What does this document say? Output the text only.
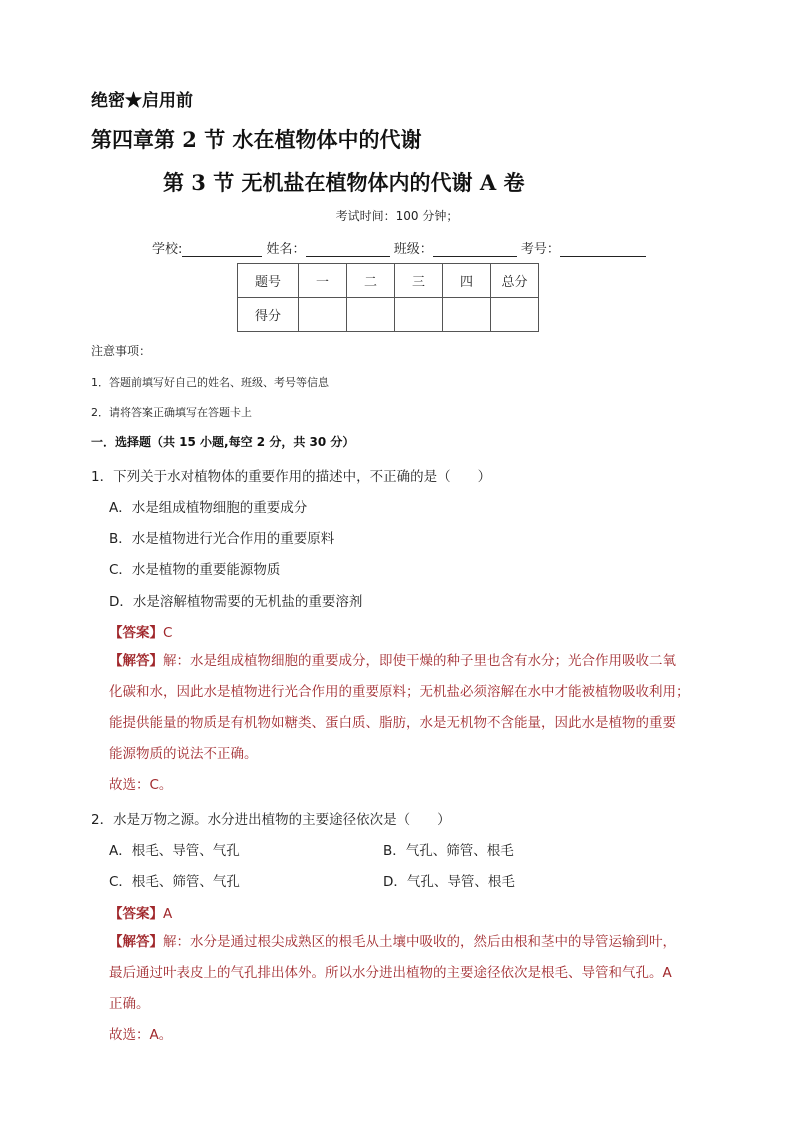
绝密★启用前
第四章第 2 节 水在植物体中的代谢
第 3 节 无机盐在植物体内的代谢 A 卷
考试时间：100 分钟；
学校:	姓名：	班级：	考号：
题号	一	二	三	四	总分
得分					
注意事项：
1．答题前填写好自己的姓名、班级、考号等信息
2．请将答案正确填写在答题卡上
一．选择题（共 15 小题,每空 2 分，共 30 分）
1．下列关于水对植物体的重要作用的描述中，不正确的是（　　）
A．水是组成植物细胞的重要成分
B．水是植物进行光合作用的重要原料
C．水是植物的重要能源物质
D．水是溶解植物需要的无机盐的重要溶剂
【答案】C
【解答】解：水是组成植物细胞的重要成分，即使干燥的种子里也含有水分；光合作用吸收二氧
化碳和水，因此水是植物进行光合作用的重要原料；无机盐必须溶解在水中才能被植物吸收利用；
能提供能量的物质是有机物如糖类、蛋白质、脂肪，水是无机物不含能量，因此水是植物的重要
能源物质的说法不正确。
故选：C。
2．水是万物之源。水分进出植物的主要途径依次是（　　）
A．根毛、导管、气孔	B．气孔、筛管、根毛
C．根毛、筛管、气孔	D．气孔、导管、根毛
【答案】A
【解答】解：水分是通过根尖成熟区的根毛从土壤中吸收的，然后由根和茎中的导管运输到叶，
最后通过叶表皮上的气孔排出体外。所以水分进出植物的主要途径依次是根毛、导管和气孔。A
正确。
故选：A。
